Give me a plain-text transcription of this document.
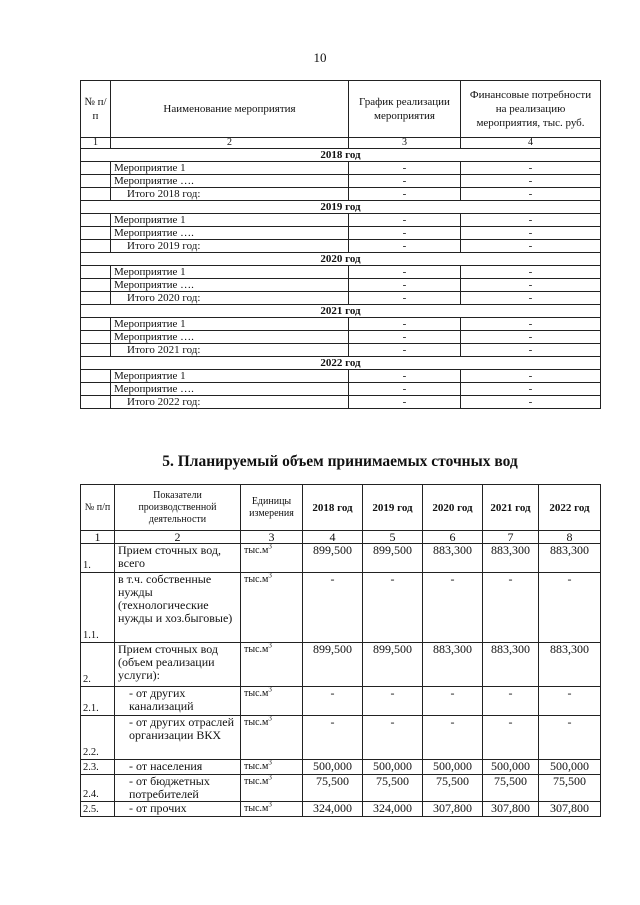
10
№ п/п	Наименование мероприятия	График реализации мероприятия	Финансовые потребности на реализацию мероприятия, тыс. руб.
1	2	3	4
2018 год			
	Мероприятие 1	-	-
	Мероприятие ….	-	-
	Итого 2018 год:	-	-
2019 год			
	Мероприятие 1	-	-
	Мероприятие ….	-	-
	Итого 2019 год:	-	-
2020 год			
	Мероприятие 1	-	-
	Мероприятие ….	-	-
	Итого 2020 год:	-	-
2021 год			
	Мероприятие 1	-	-
	Мероприятие ….	-	-
	Итого 2021 год:	-	-
2022 год			
	Мероприятие 1	-	-
	Мероприятие ….	-	-
	Итого 2022 год:	-	-
5. Планируемый объем принимаемых сточных вод
№ п/п	Показатели производственной деятельности	Единицы измерения	2018 год	2019 год	2020 год	2021 год	2022 год
1	2	3	4	5	6	7	8
1.	Прием сточных вод, всего	$тыс.м^3$	899,500	899,500	883,300	883,300	883,300
1.1.	в т.ч. собственные нужды (технологические нужды и хоз.быговые)	$тыс.м^3$	-	-	-	-	-
2.	Прием сточных вод (объем реализации услуги):	$тыс.м^3$	899,500	899,500	883,300	883,300	883,300
2.1.	- от других канализаций	$тыс.м^3$	-	-	-	-	-
2.2.	- от других отраслей организации ВКХ	$тыс.м^3$	-	-	-	-	-
2.3.	- от населения	$тыс.м^3$	500,000	500,000	500,000	500,000	500,000
2.4.	- от бюджетных потребителей	$тыс.м^3$	75,500	75,500	75,500	75,500	75,500
2.5.	- от прочих	$тыс.м^3$	324,000	324,000	307,800	307,800	307,800
